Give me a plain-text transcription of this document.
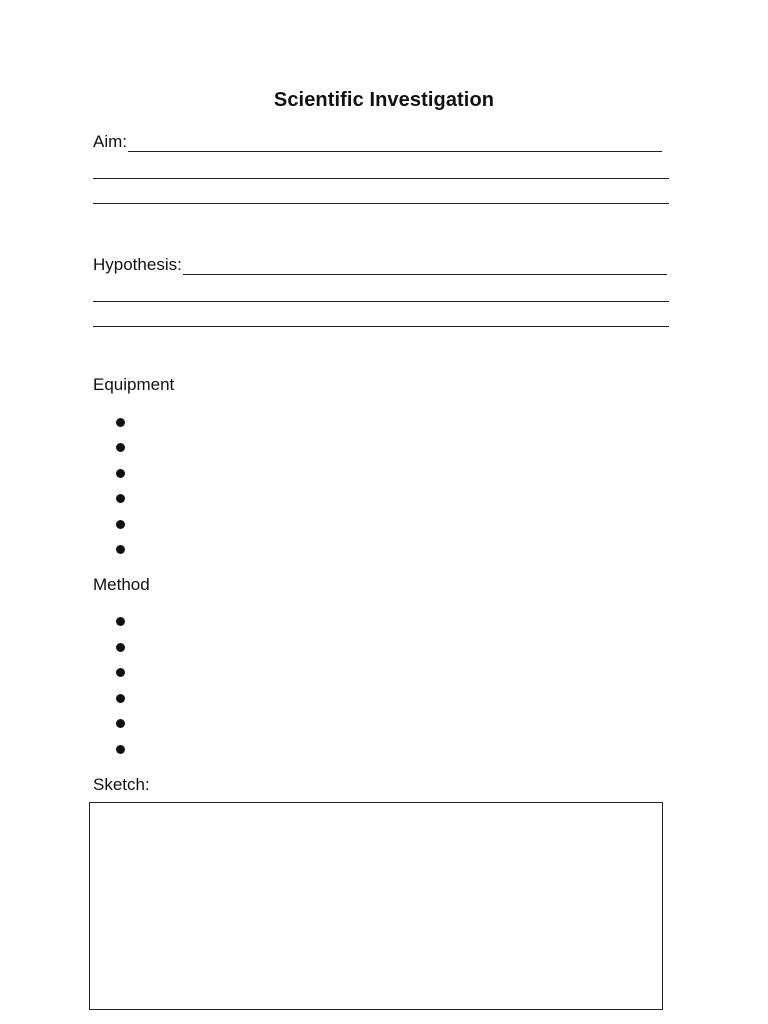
Scientific Investigation
Aim:
Hypothesis:
Equipment
Method
Sketch:
